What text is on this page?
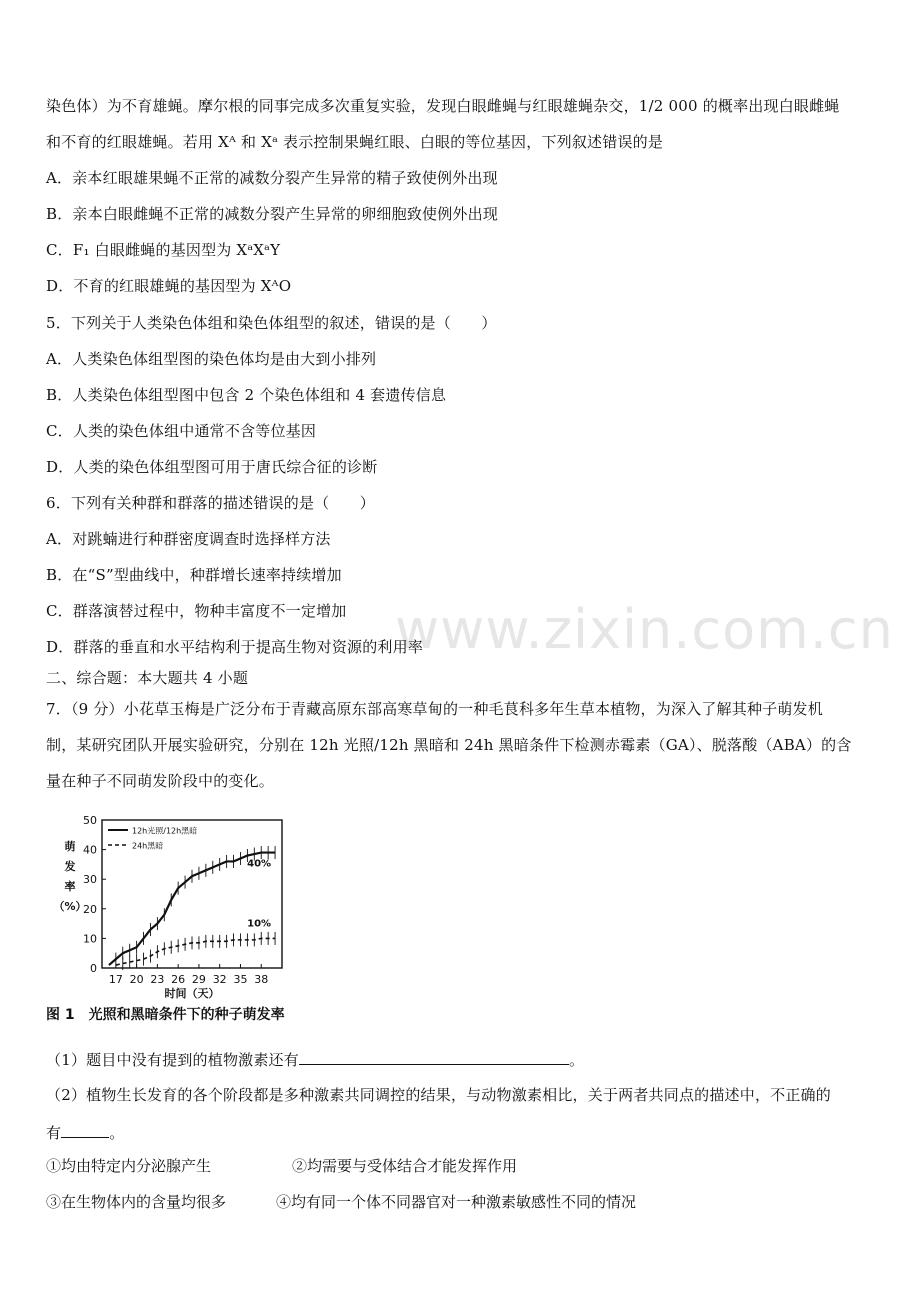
www.zixin.com.cn
染色体）为不育雄蝇。摩尔根的同事完成多次重复实验，发现白眼雌蝇与红眼雄蝇杂交，1/2 000 的概率出现白眼雌蝇
和不育的红眼雄蝇。若用 Xᴬ 和 Xᵃ 表示控制果蝇红眼、白眼的等位基因，下列叙述错误的是
A．亲本红眼雄果蝇不正常的减数分裂产生异常的精子致使例外出现
B．亲本白眼雌蝇不正常的减数分裂产生异常的卵细胞致使例外出现
C．F₁ 白眼雌蝇的基因型为 XᵃXᵃY
D．不育的红眼雄蝇的基因型为 XᴬO
5．下列关于人类染色体组和染色体组型的叙述，错误的是（　　）
A．人类染色体组型图的染色体均是由大到小排列
B．人类染色体组型图中包含 2 个染色体组和 4 套遗传信息
C．人类的染色体组中通常不含等位基因
D．人类的染色体组型图可用于唐氏综合征的诊断
6．下列有关种群和群落的描述错误的是（　　）
A．对跳蝻进行种群密度调查时选择样方法
B．在“S”型曲线中，种群增长速率持续增加
C．群落演替过程中，物种丰富度不一定增加
D．群落的垂直和水平结构利于提高生物对资源的利用率
二、综合题：本大题共 4 小题
7．（9 分）小花草玉梅是广泛分布于青藏高原东部高寒草甸的一种毛茛科多年生草本植物，为深入了解其种子萌发机
制，某研究团队开展实验研究，分别在 12h 光照/12h 黑暗和 24h 黑暗条件下检测赤霉素（GA）、脱落酸（ABA）的含
量在种子不同萌发阶段中的变化。
0
10
20
30
40
50
17 20 23 26 29 32 35 38
时间（天）
萌
发
率
（%）
40%
10%
12h光照/12h黑暗
24h黑暗
图 1　光照和黑暗条件下的种子萌发率
（1）题目中没有提到的植物激素还有	。
（2）植物生长发育的各个阶段都是多种激素共同调控的结果，与动物激素相比，关于两者共同点的描述中，不正确的
有	。
①均由特定内分泌腺产生	②均需要与受体结合才能发挥作用
③在生物体内的含量均很多	④均有同一个体不同器官对一种激素敏感性不同的情况
